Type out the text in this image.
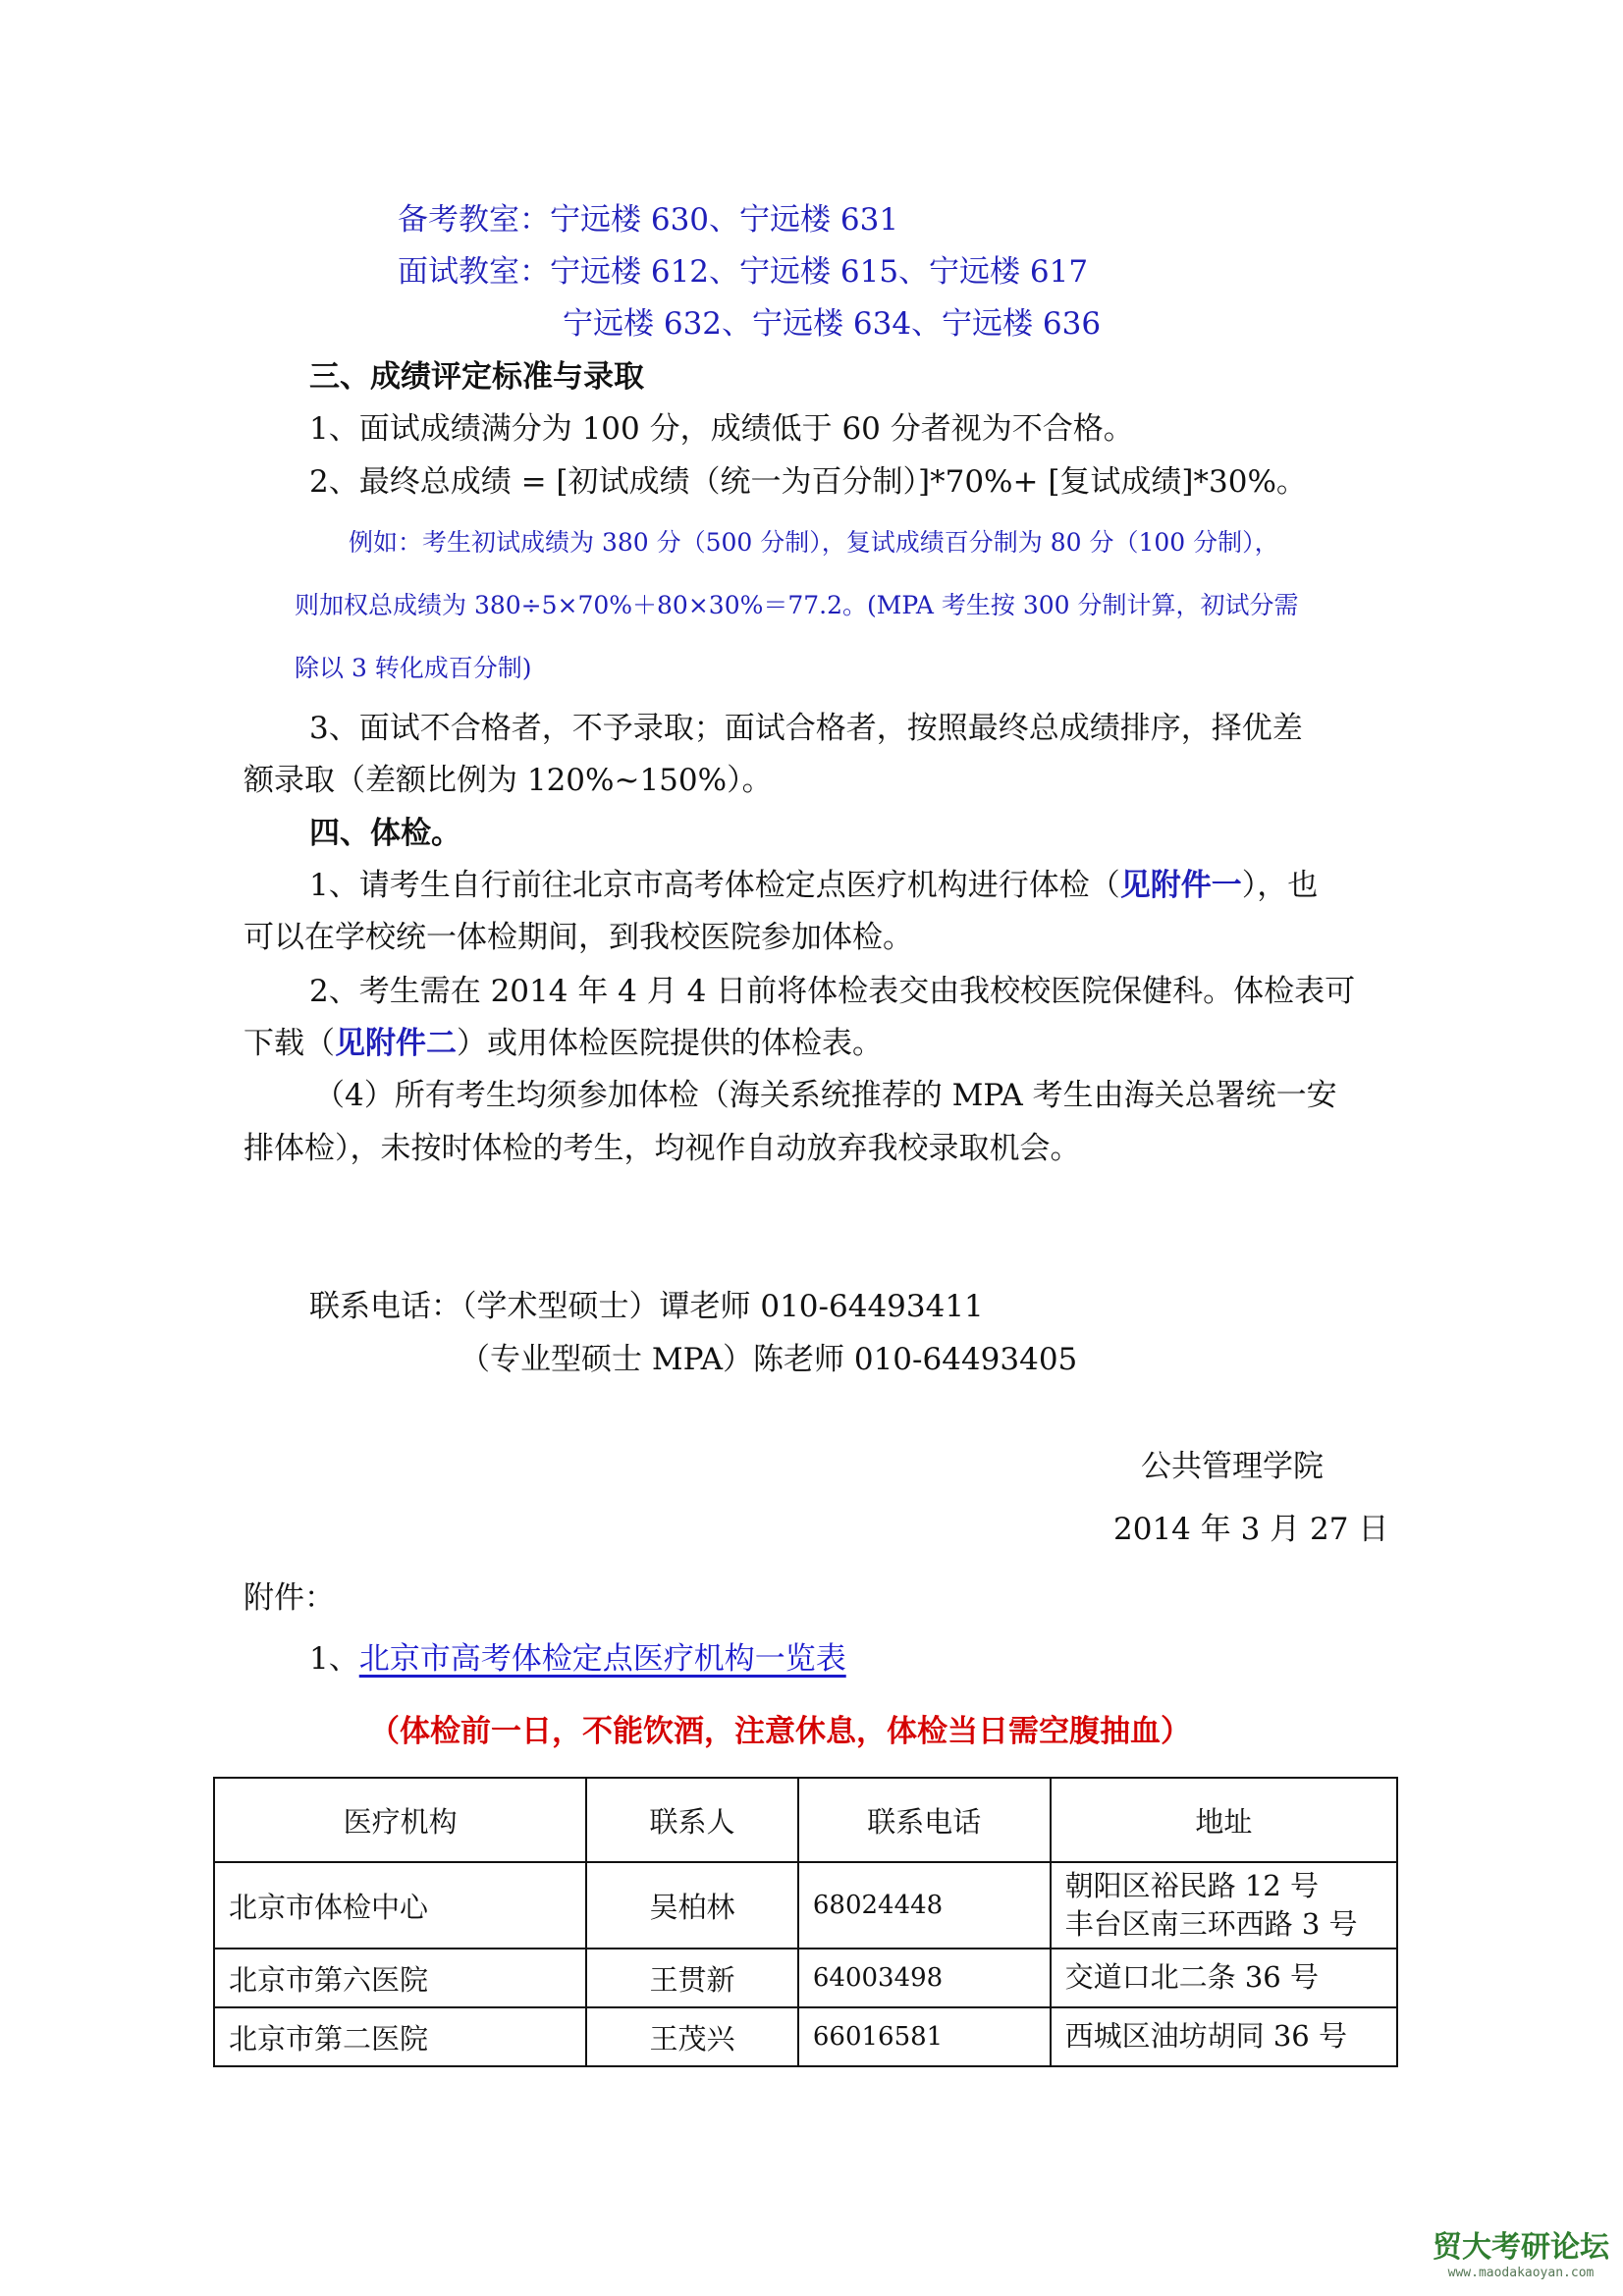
备考教室：宁远楼 630、宁远楼 631
面试教室：宁远楼 612、宁远楼 615、宁远楼 617
宁远楼 632、宁远楼 634、宁远楼 636
三、成绩评定标准与录取
1、面试成绩满分为 100 分，成绩低于 60 分者视为不合格。
2、最终总成绩 = [初试成绩（统一为百分制）]*70%+ [复试成绩]*30%。
例如：考生初试成绩为 380 分（500 分制），复试成绩百分制为 80 分（100 分制），
则加权总成绩为 380÷5×70%＋80×30%＝77.2。(MPA 考生按 300 分制计算，初试分需
除以 3 转化成百分制)
3、面试不合格者，不予录取；面试合格者，按照最终总成绩排序，择优差
额录取（差额比例为 120%~150%）。
四、体检。
1、请考生自行前往北京市高考体检定点医疗机构进行体检（见附件一），也
可以在学校统一体检期间，到我校医院参加体检。
2、考生需在 2014 年 4 月 4 日前将体检表交由我校校医院保健科。体检表可
下载（见附件二）或用体检医院提供的体检表。
（4）所有考生均须参加体检（海关系统推荐的 MPA 考生由海关总署统一安
排体检），未按时体检的考生，均视作自动放弃我校录取机会。
联系电话：（学术型硕士）谭老师 010-64493411
（专业型硕士 MPA）陈老师 010-64493405
公共管理学院
2014 年 3 月 27 日
附件：
1、北京市高考体检定点医疗机构一览表
（体检前一日，不能饮酒，注意休息，体检当日需空腹抽血）
医疗机构	联系人	联系电话	地址
北京市体检中心	吴柏林	68024448	朝阳区裕民路 12 号
丰台区南三环西路 3 号

北京市第六医院	王贯新	64003498	交道口北二条 36 号

北京市第二医院	王茂兴	66016581	西城区油坊胡同 36 号
贸大考研论坛
www.maodakaoyan.com
